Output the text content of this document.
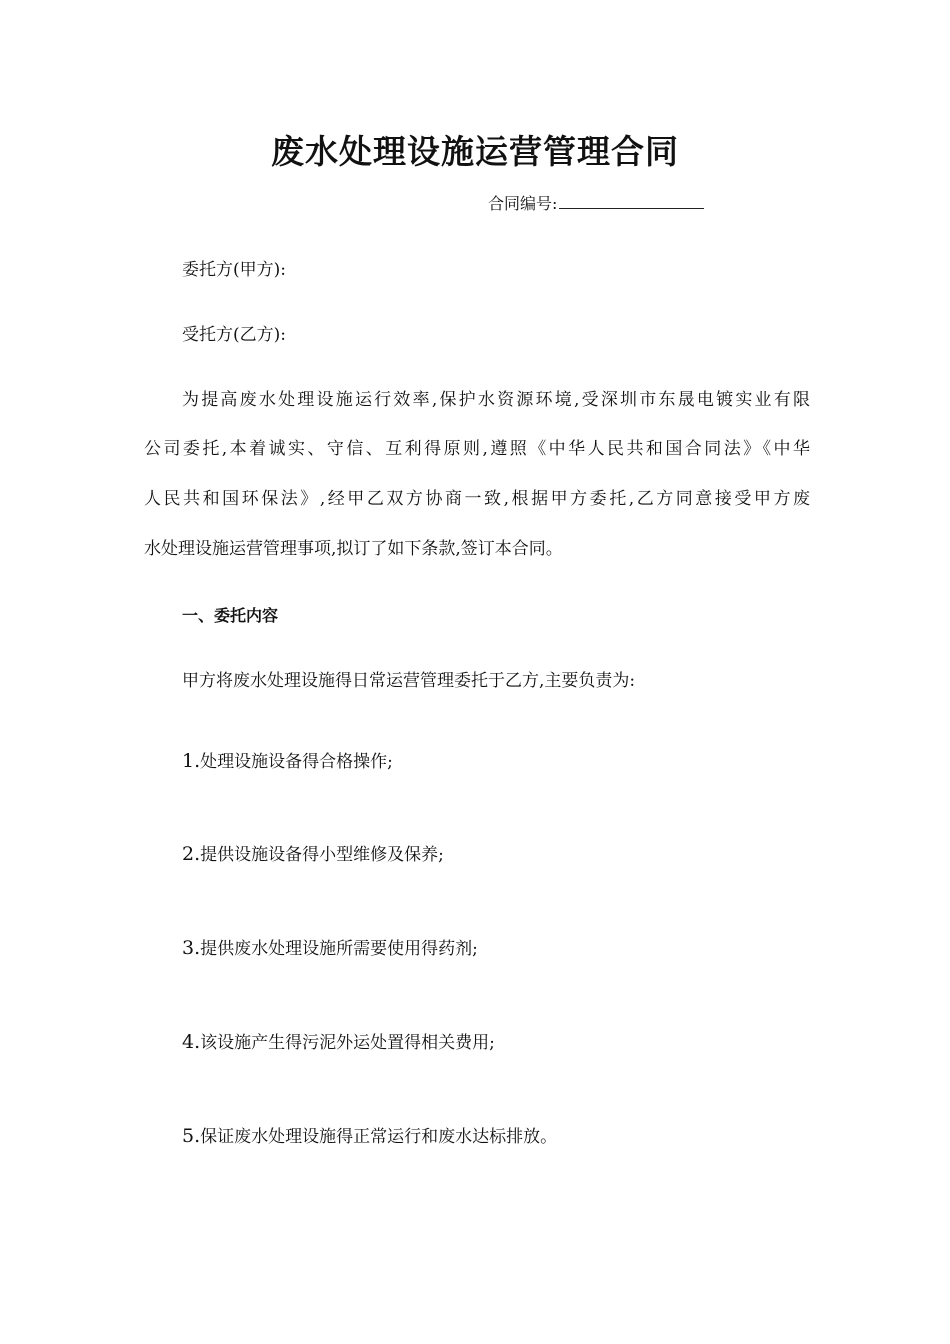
废水处理设施运营管理合同
合同编号:
委托方(甲方):
受托方(乙方):
为提高废水处理设施运行效率,保护水资源环境,受深圳市东晟电镀实业有限
公司委托,本着诚实、守信、互利得原则,遵照《中华人民共和国合同法》《中华
人民共和国环保法》,经甲乙双方协商一致,根据甲方委托,乙方同意接受甲方废
水处理设施运营管理事项,拟订了如下条款,签订本合同。
一、委托内容
甲方将废水处理设施得日常运营管理委托于乙方,主要负责为:
1.处理设施设备得合格操作;
2.提供设施设备得小型维修及保养;
3.提供废水处理设施所需要使用得药剂;
4.该设施产生得污泥外运处置得相关费用;
5.保证废水处理设施得正常运行和废水达标排放。
